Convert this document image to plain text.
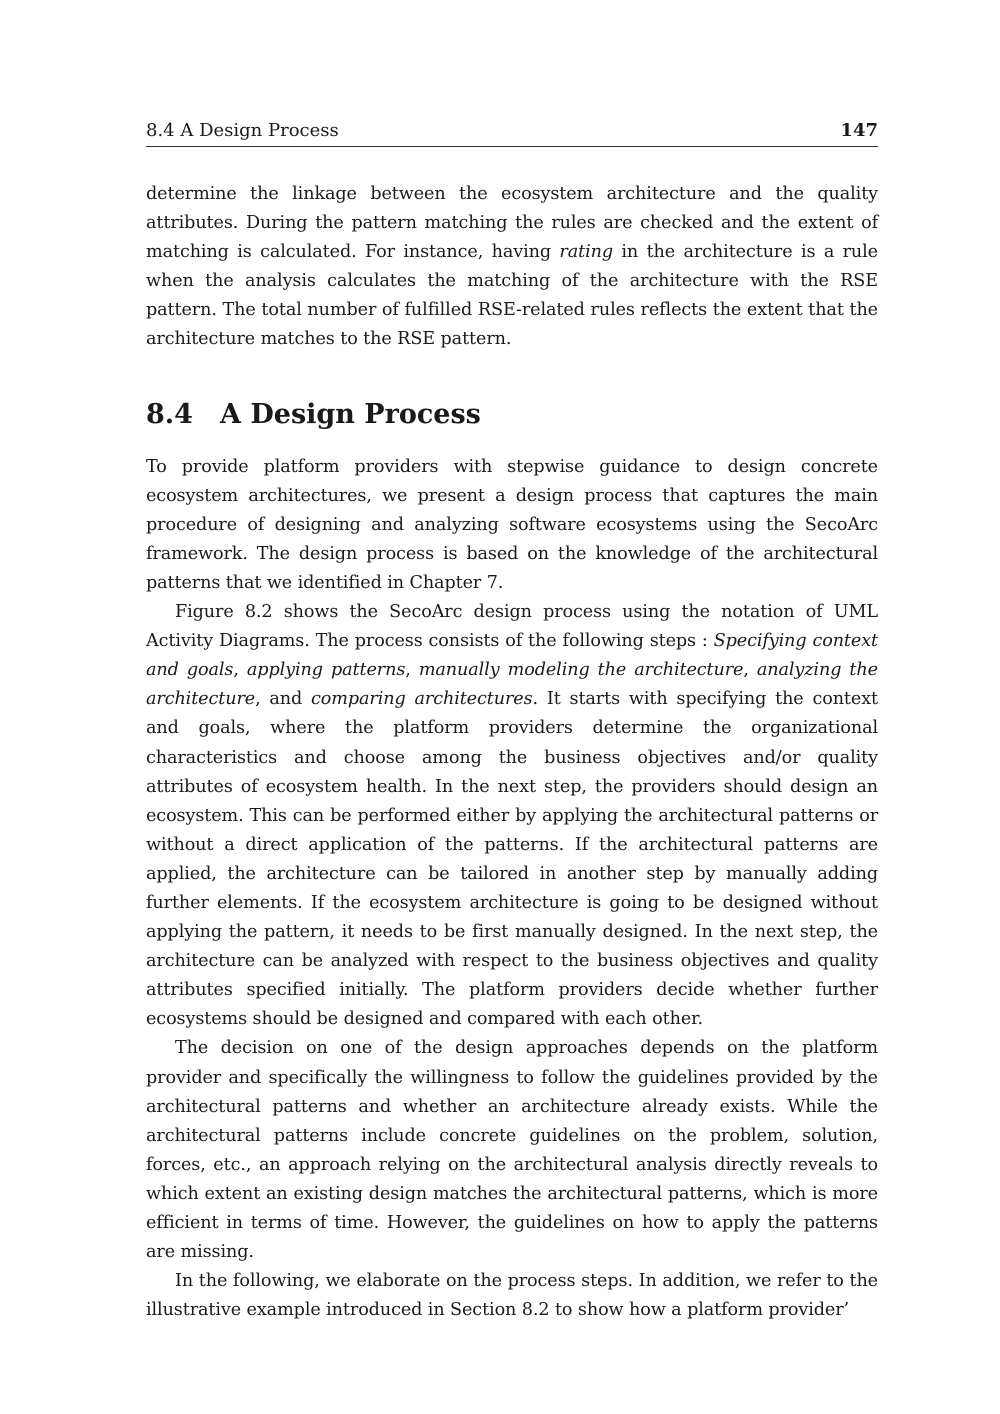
8.4 A Design Process	147

determine the linkage between the ecosystem architecture and the quality attributes. During the pattern matching the rules are checked and the extent of matching is calculated. For instance, having rating in the architecture is a rule when the analysis calculates the matching of the architecture with the RSE pattern. The total number of fulfilled RSE-related rules reflects the extent that the architecture matches to the RSE pattern.

8.4	A Design Process

To provide platform providers with stepwise guidance to design concrete ecosystem architectures, we present a design process that captures the main procedure of designing and analyzing software ecosystems using the SecoArc framework. The design process is based on the knowledge of the architectural patterns that we identified in Chapter 7.

Figure 8.2 shows the SecoArc design process using the notation of UML Activity Diagrams. The process consists of the following steps : Specifying context and goals, applying patterns, manually modeling the architecture, analyzing the architecture, and comparing architectures. It starts with specifying the context and goals, where the platform providers determine the organizational characteristics and choose among the business objectives and/or quality attributes of ecosystem health. In the next step, the providers should design an ecosystem. This can be performed either by applying the architectural patterns or without a direct application of the patterns. If the architectural patterns are applied, the architecture can be tailored in another step by manually adding further elements. If the ecosystem architecture is going to be designed without applying the pattern, it needs to be first manually designed. In the next step, the architecture can be analyzed with respect to the business objectives and quality attributes specified initially. The platform providers decide whether further ecosystems should be designed and compared with each other.

The decision on one of the design approaches depends on the platform provider and specifically the willingness to follow the guidelines provided by the architectural patterns and whether an architecture already exists. While the architectural patterns include concrete guidelines on the problem, solution, forces, etc., an approach relying on the architectural analysis directly reveals to which extent an existing design matches the architectural patterns, which is more efficient in terms of time. However, the guidelines on how to apply the patterns are missing.

In the following, we elaborate on the process steps. In addition, we refer to the illustrative example introduced in Section 8.2 to show how a platform provider’
